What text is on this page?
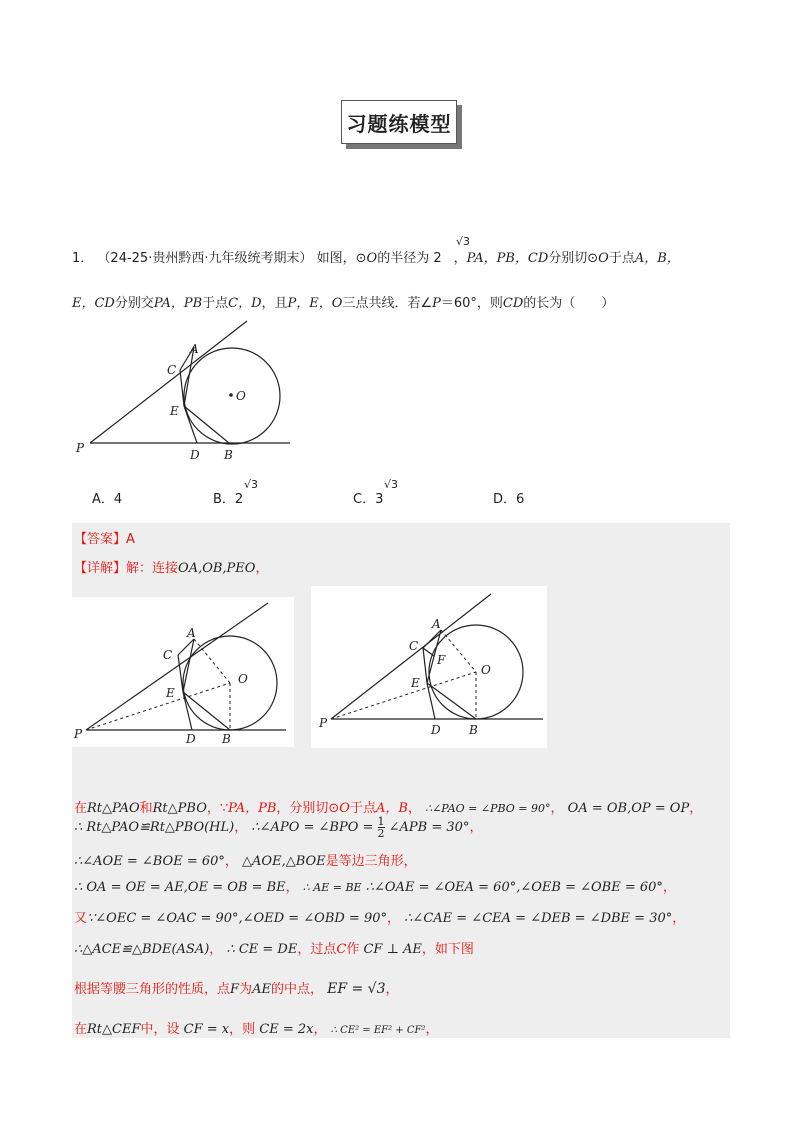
习题练模型
1． （24-25·贵州黔西·九年级统考期末） 如图，⊙O的半径为 2 ，PA，PB，CD分别切⊙O于点A，B，
√3
E，CD分别交PA，PB于点C，D，且P，E，O三点共线．若∠P＝60°，则CD的长为（　　）
P
A
C
E
O
D B
A．4	B．2
√3
C．3
√3
D．6
【答案】A
【详解】解：连接OA,OB,PEO，
P
A
C
E
O
D B
P
A
C
F
E
O
D B
在Rt△PAO和Rt△PBO，∵PA，PB，分别切⊙O于点A，B， ∴∠PAO = ∠PBO = 90°， OA = OB,OP = OP，
∴ Rt△PAO≌Rt△PBO(HL)， ∴∠APO = ∠BPO = $\frac{1}{2}$ ∠APB = 30°，
∴∠AOE = ∠BOE = 60°， △AOE,△BOE是等边三角形，
∴ OA = OE = AE,OE = OB = BE， ∴ AE = BE ∴∠OAE = ∠OEA = 60°,∠OEB = ∠OBE = 60°，
又∵∠OEC = ∠OAC = 90°,∠OED = ∠OBD = 90°， ∴∠CAE = ∠CEA = ∠DEB = ∠DBE = 30°，
∴△ACE≌△BDE(ASA)， ∴ CE = DE，过点C作 CF ⊥ AE，如下图
根据等腰三角形的性质，点F为AE的中点， EF = √3，
在Rt△CEF中，设 CF = x，则 CE = 2x， ∴ CE² = EF² + CF²，
